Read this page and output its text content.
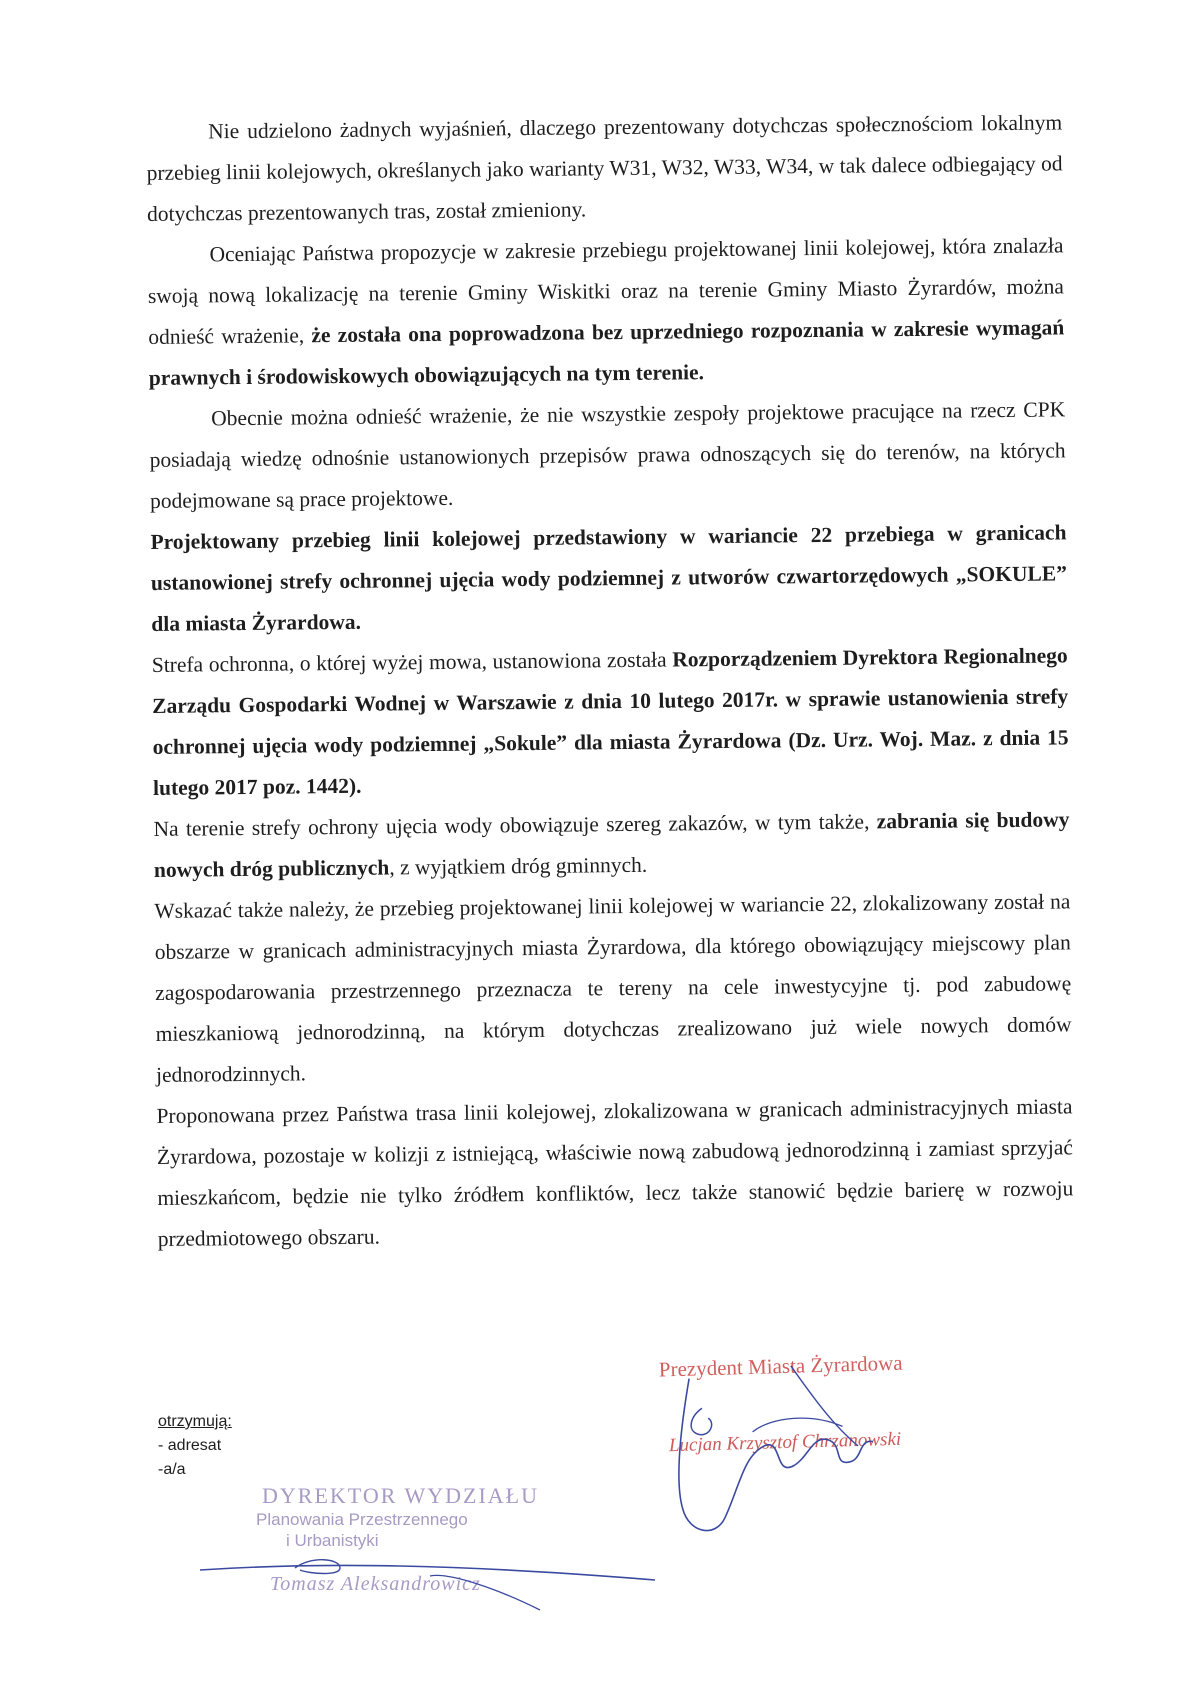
Nie udzielono żadnych wyjaśnień, dlaczego prezentowany dotychczas społecznościom lokalnym przebieg linii kolejowych, określanych jako warianty W31, W32, W33, W34, w tak dalece odbiegający od dotychczas prezentowanych tras, został zmieniony.

Oceniając Państwa propozycje w zakresie przebiegu projektowanej linii kolejowej, która znalazła swoją nową lokalizację na terenie Gminy Wiskitki oraz na terenie Gminy Miasto Żyrardów, można odnieść wrażenie, że została ona poprowadzona bez uprzedniego rozpoznania w zakresie wymagań prawnych i środowiskowych obowiązujących na tym terenie.

Obecnie można odnieść wrażenie, że nie wszystkie zespoły projektowe pracujące na rzecz CPK posiadają wiedzę odnośnie ustanowionych przepisów prawa odnoszących się do terenów, na których podejmowane są prace projektowe.

Projektowany przebieg linii kolejowej przedstawiony w wariancie 22 przebiega w granicach ustanowionej strefy ochronnej ujęcia wody podziemnej z utworów czwartorzędowych „SOKULE” dla miasta Żyrardowa.

Strefa ochronna, o której wyżej mowa, ustanowiona została Rozporządzeniem Dyrektora Regionalnego Zarządu Gospodarki Wodnej w Warszawie z dnia 10 lutego 2017r. w sprawie ustanowienia strefy ochronnej ujęcia wody podziemnej „Sokule” dla miasta Żyrardowa (Dz. Urz. Woj. Maz. z dnia 15 lutego 2017 poz. 1442).

Na terenie strefy ochrony ujęcia wody obowiązuje szereg zakazów, w tym także, zabrania się budowy nowych dróg publicznych, z wyjątkiem dróg gminnych.

Wskazać także należy, że przebieg projektowanej linii kolejowej w wariancie 22, zlokalizowany został na obszarze w granicach administracyjnych miasta Żyrardowa, dla którego obowiązujący miejscowy plan zagospodarowania przestrzennego przeznacza te tereny na cele inwestycyjne tj. pod zabudowę mieszkaniową jednorodzinną, na którym dotychczas zrealizowano już wiele nowych domów jednorodzinnych.

Proponowana przez Państwa trasa linii kolejowej, zlokalizowana w granicach administracyjnych miasta Żyrardowa, pozostaje w kolizji z istniejącą, właściwie nową zabudową jednorodzinną i zamiast sprzyjać mieszkańcom, będzie nie tylko źródłem konfliktów, lecz także stanowić będzie barierę w rozwoju przedmiotowego obszaru.

Prezydent Miasta Żyrardowa
Lucjan Krzysztof Chrzanowski
otrzymują:
- adresat
-a/a
DYREKTOR WYDZIAŁU
Planowania Przestrzennego
i Urbanistyki
Tomasz Aleksandrowicz
